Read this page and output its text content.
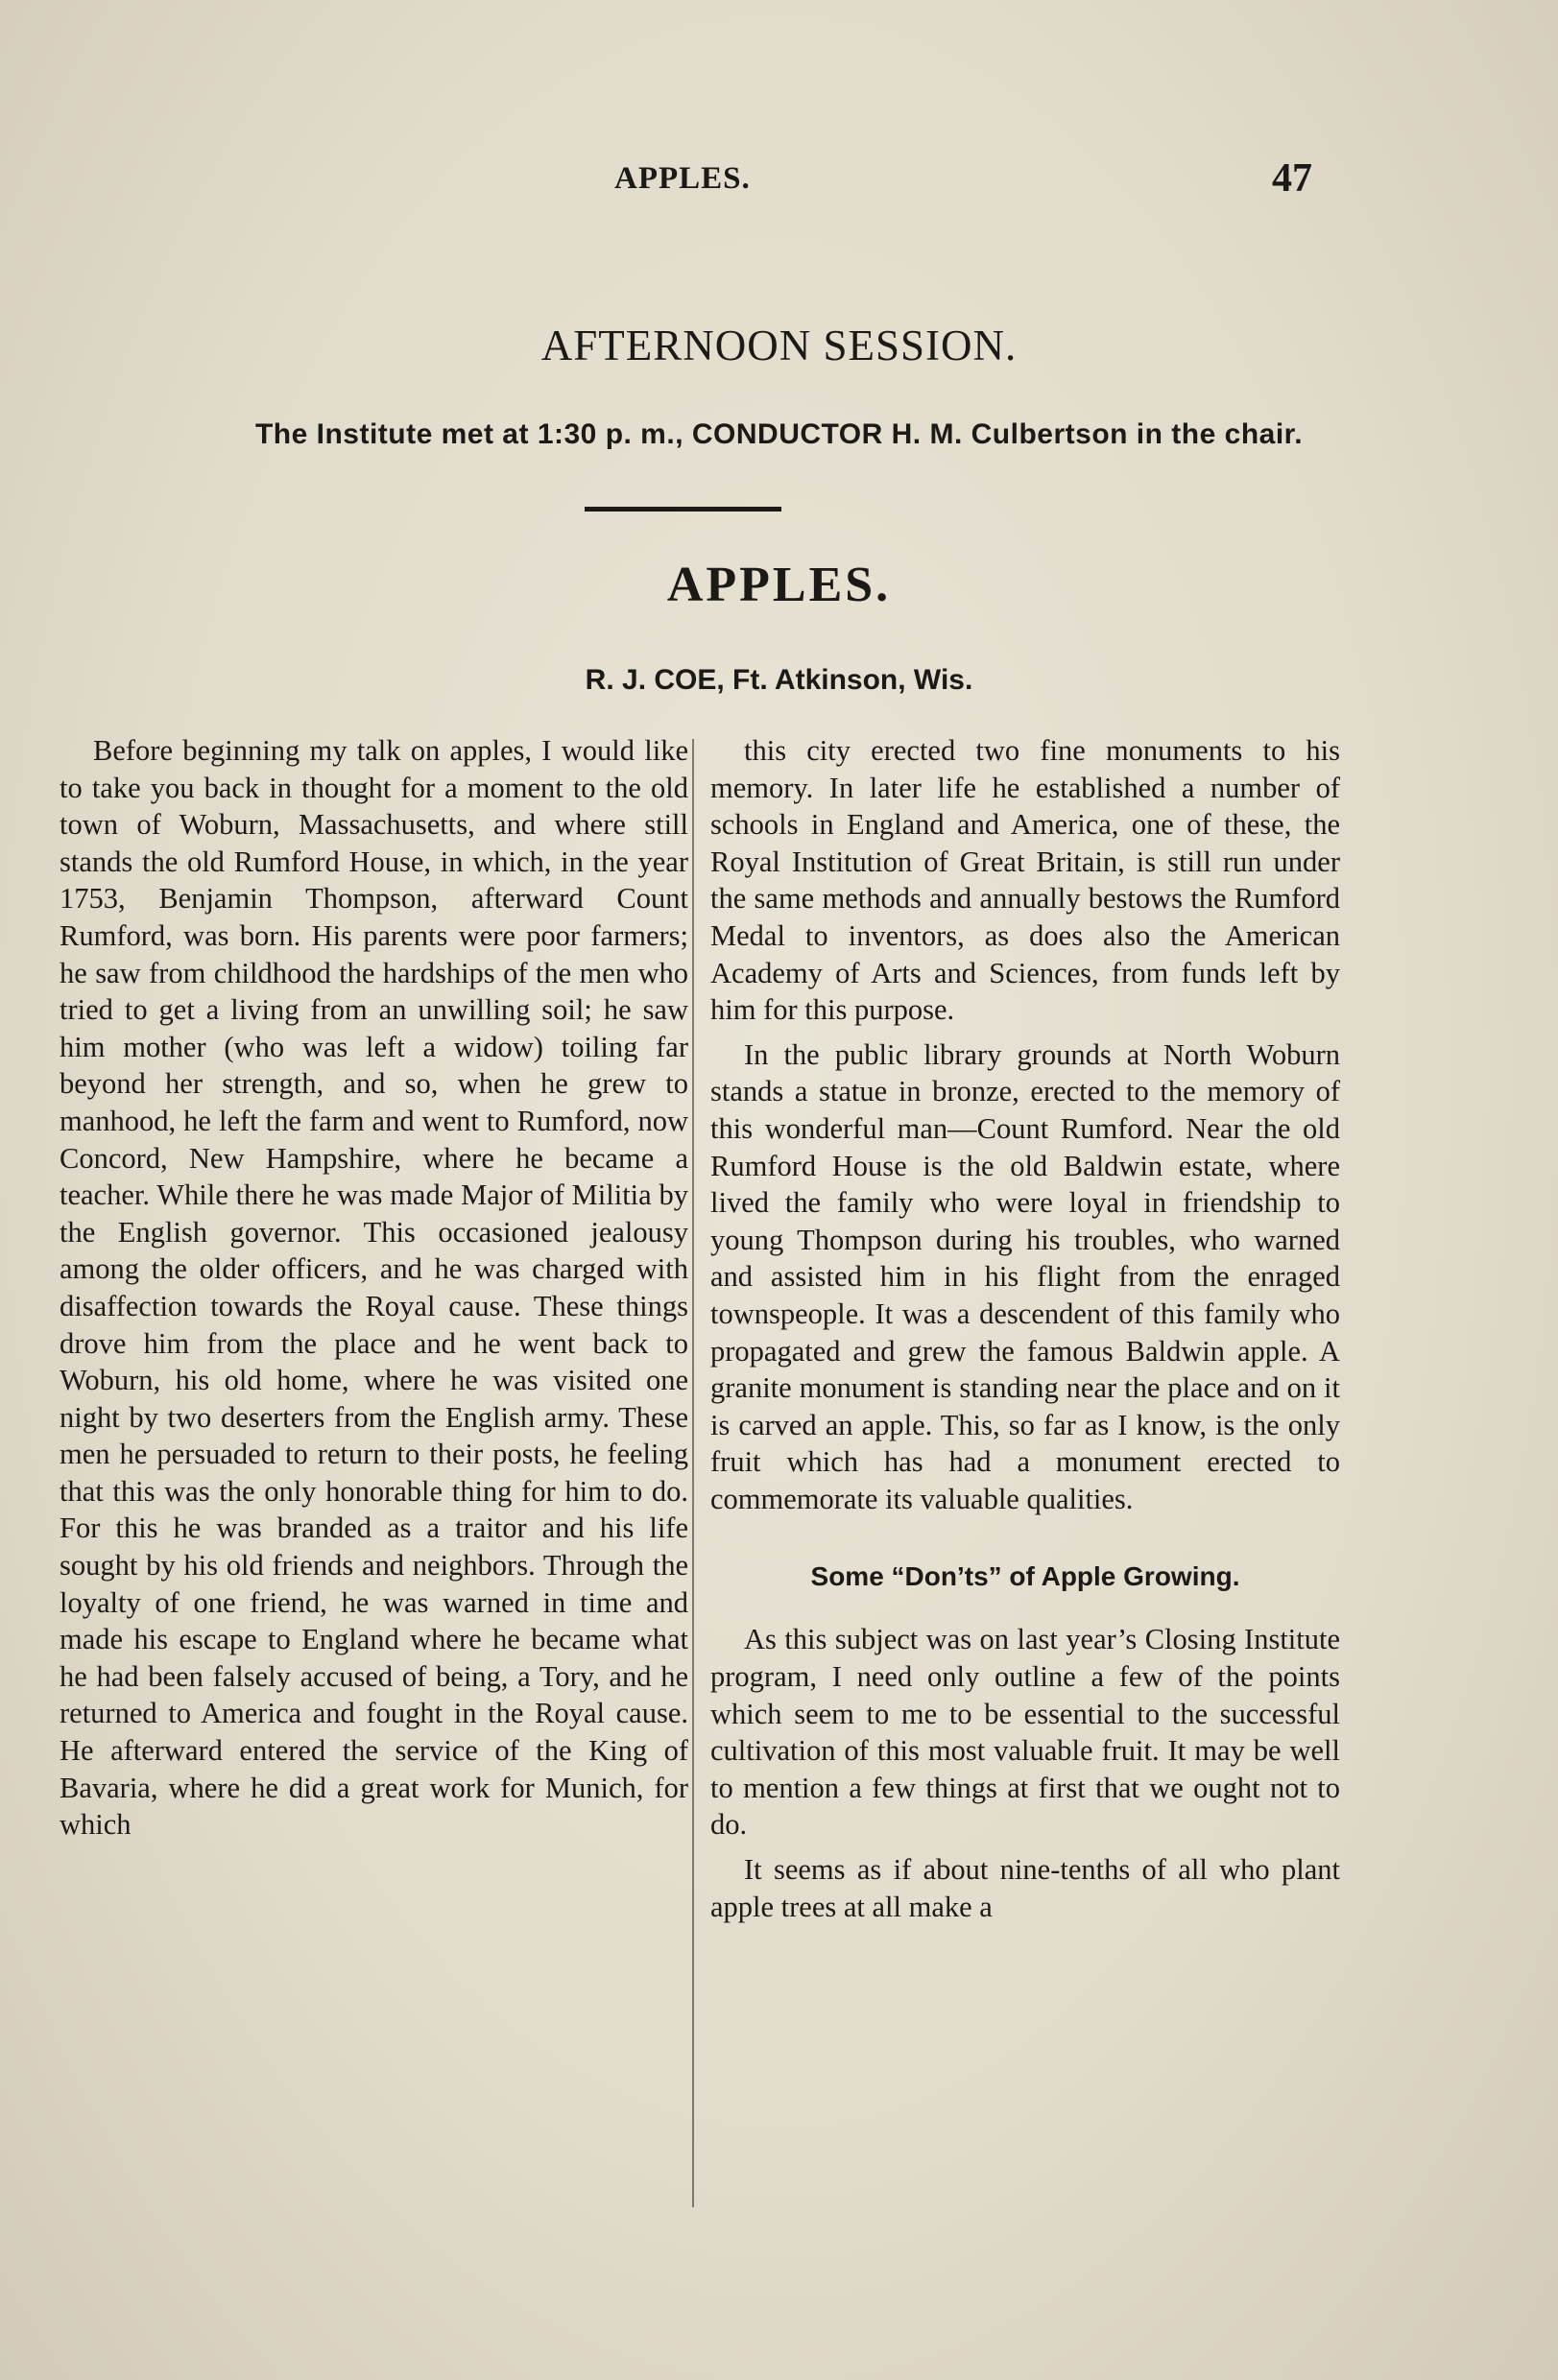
APPLES.	47
AFTERNOON SESSION.
The Institute met at 1:30 p. m., CONDUCTOR H. M. Culbertson in the chair.
APPLES.
R. J. COE, Ft. Atkinson, Wis.

Before beginning my talk on apples, I would like to take you back in thought for a moment to the old town of Woburn, Massachusetts, and where still stands the old Rumford House, in which, in the year 1753, Benjamin Thompson, afterward Count Rumford, was born. His parents were poor farmers; he saw from childhood the hardships of the men who tried to get a living from an unwilling soil; he saw him mother (who was left a widow) toiling far beyond her strength, and so, when he grew to manhood, he left the farm and went to Rumford, now Concord, New Hampshire, where he became a teacher. While there he was made Major of Militia by the English governor. This occasioned jealousy among the older officers, and he was charged with disaffection towards the Royal cause. These things drove him from the place and he went back to Woburn, his old home, where he was visited one night by two deserters from the English army. These men he persuaded to return to their posts, he feeling that this was the only honorable thing for him to do. For this he was branded as a traitor and his life sought by his old friends and neighbors. Through the loyalty of one friend, he was warned in time and made his escape to England where he became what he had been falsely accused of being, a Tory, and he returned to America and fought in the Royal cause. He afterward entered the service of the King of Bavaria, where he did a great work for Munich, for which

this city erected two fine monuments to his memory. In later life he established a number of schools in England and America, one of these, the Royal Institution of Great Britain, is still run under the same methods and annually bestows the Rumford Medal to inventors, as does also the American Academy of Arts and Sciences, from funds left by him for this purpose.

In the public library grounds at North Woburn stands a statue in bronze, erected to the memory of this wonderful man—Count Rumford. Near the old Rumford House is the old Baldwin estate, where lived the family who were loyal in friendship to young Thompson during his troubles, who warned and assisted him in his flight from the enraged townspeople. It was a descendent of this family who propagated and grew the famous Baldwin apple. A granite monument is standing near the place and on it is carved an apple. This, so far as I know, is the only fruit which has had a monument erected to commemorate its valuable qualities.

Some “Don’ts” of Apple Growing.

As this subject was on last year’s Closing Institute program, I need only outline a few of the points which seem to me to be essential to the successful cultivation of this most valuable fruit. It may be well to mention a few things at first that we ought not to do.

It seems as if about nine-tenths of all who plant apple trees at all make a
